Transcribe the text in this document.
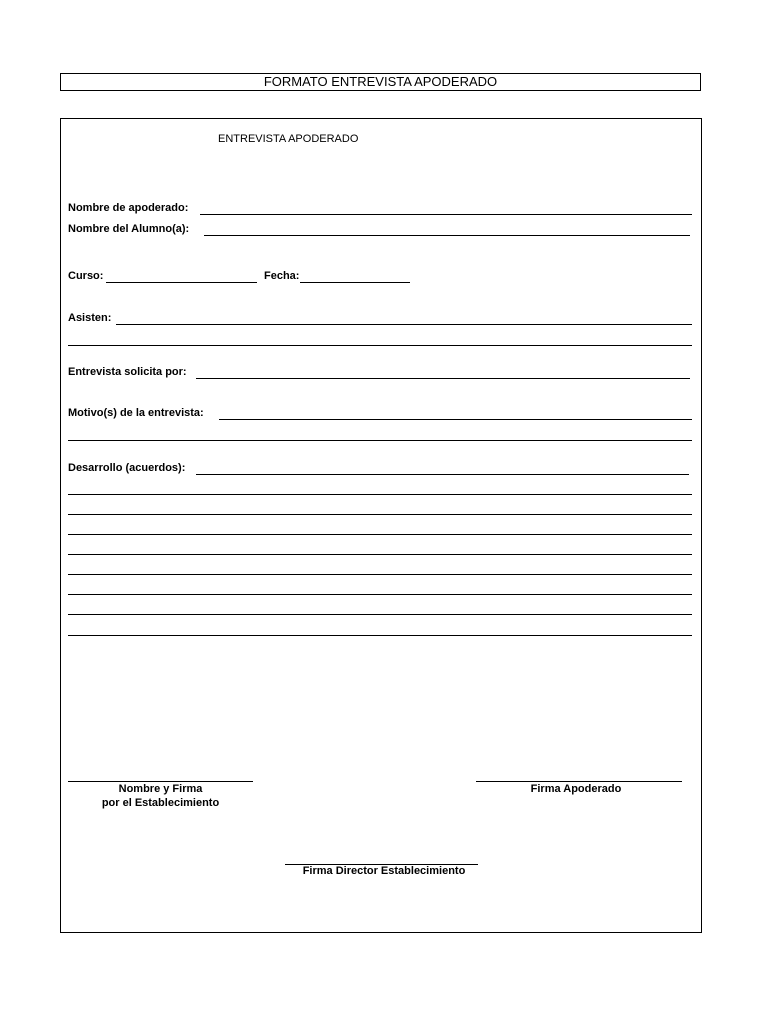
FORMATO ENTREVISTA APODERADO
ENTREVISTA APODERADO
Nombre de apoderado:
Nombre del Alumno(a):
Curso:	Fecha:
Asisten:
Entrevista solicita por:
Motivo(s) de la entrevista:
Desarrollo (acuerdos):
Nombre y Firma
por el Establecimiento
Firma Apoderado
Firma Director Establecimiento
